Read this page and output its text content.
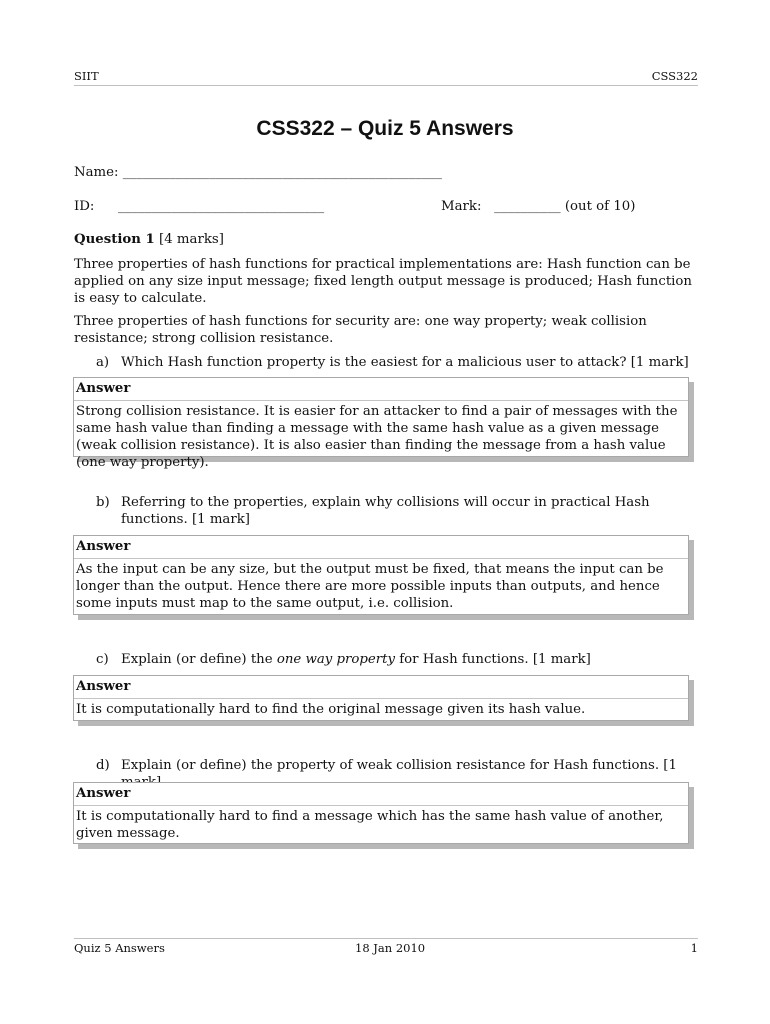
SIIT	CSS322
CSS322 – Quiz 5 Answers
Name: ________________________________________________
ID: _______________________________	Mark: __________ (out of 10)
Question 1 [4 marks]
Three properties of hash functions for practical implementations are: Hash function can be applied on any size input message; fixed length output message is produced; Hash function is easy to calculate.
Three properties of hash functions for security are: one way property; weak collision resistance; strong collision resistance.
a) Which Hash function property is the easiest for a malicious user to attack? [1 mark]
Answer
Strong collision resistance. It is easier for an attacker to find a pair of messages with the same hash value than finding a message with the same hash value as a given message (weak collision resistance). It is also easier than finding the message from a hash value (one way property).
b) Referring to the properties, explain why collisions will occur in practical Hash functions. [1 mark]
Answer
As the input can be any size, but the output must be fixed, that means the input can be longer than the output. Hence there are more possible inputs than outputs, and hence some inputs must map to the same output, i.e. collision.
c) Explain (or define) the one way property for Hash functions. [1 mark]
Answer
It is computationally hard to find the original message given its hash value.
d) Explain (or define) the property of weak collision resistance for Hash functions. [1
Answer
It is computationally hard to find a message which has the same hash value of another, given message.
Quiz 5 Answers	18 Jan 2010	1
